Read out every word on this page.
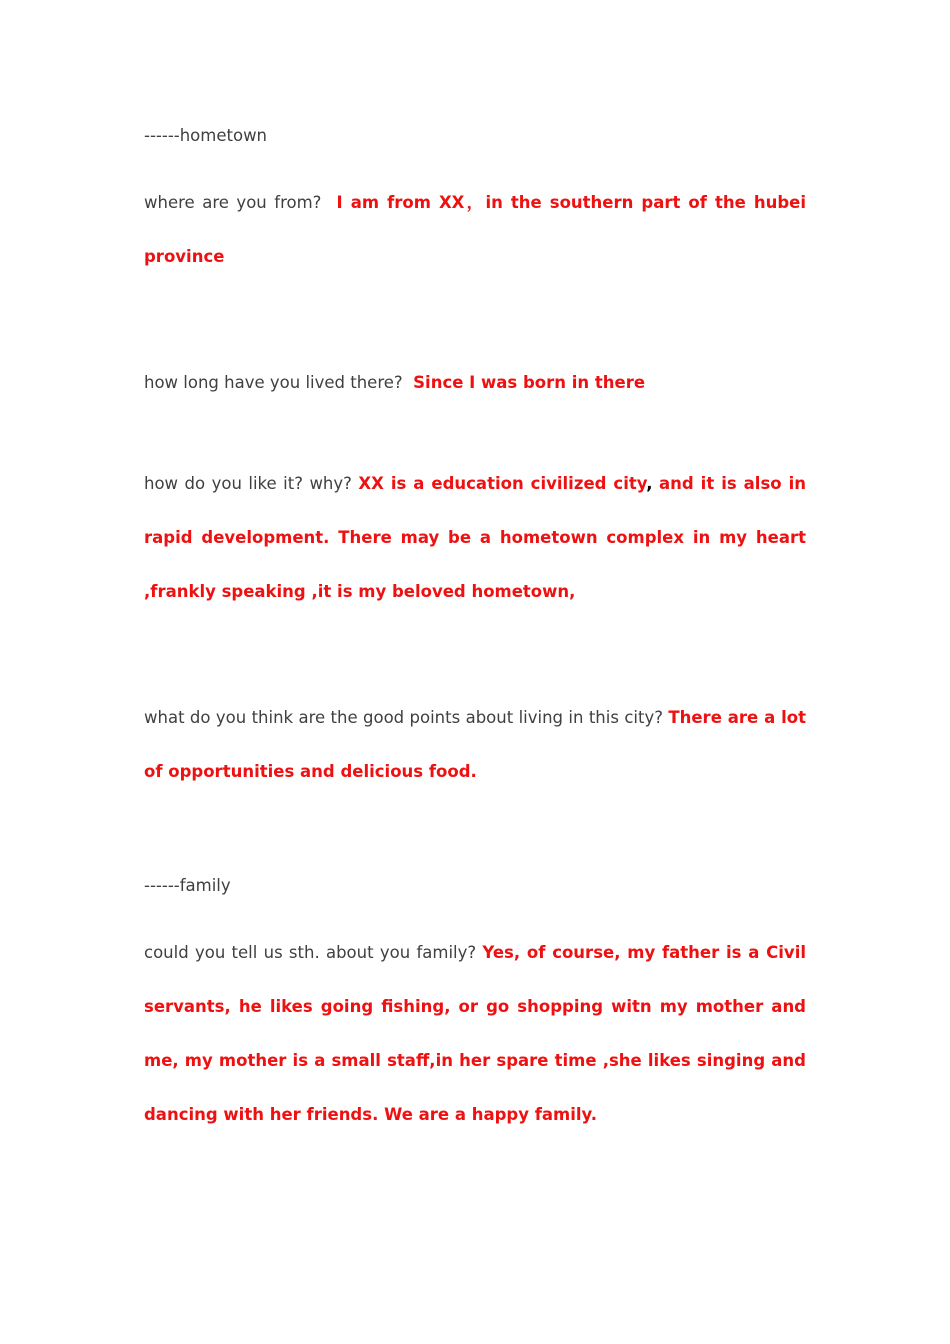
------hometown

where are you from? I am from XX，in the southern part of the hubei province

how long have you lived there? Since I was born in there

how do you like it? why? XX is a education civilized city, and it is also in rapid development. There may be a hometown complex in my heart ,frankly speaking ,it is my beloved hometown,

what do you think are the good points about living in this city? There are a lot of opportunities and delicious food.

------family

could you tell us sth. about you family? Yes, of course, my father is a Civil servants, he likes going fishing, or go shopping witn my mother and me, my mother is a small staff,in her spare time ,she likes singing and dancing with her friends. We are a happy family.
